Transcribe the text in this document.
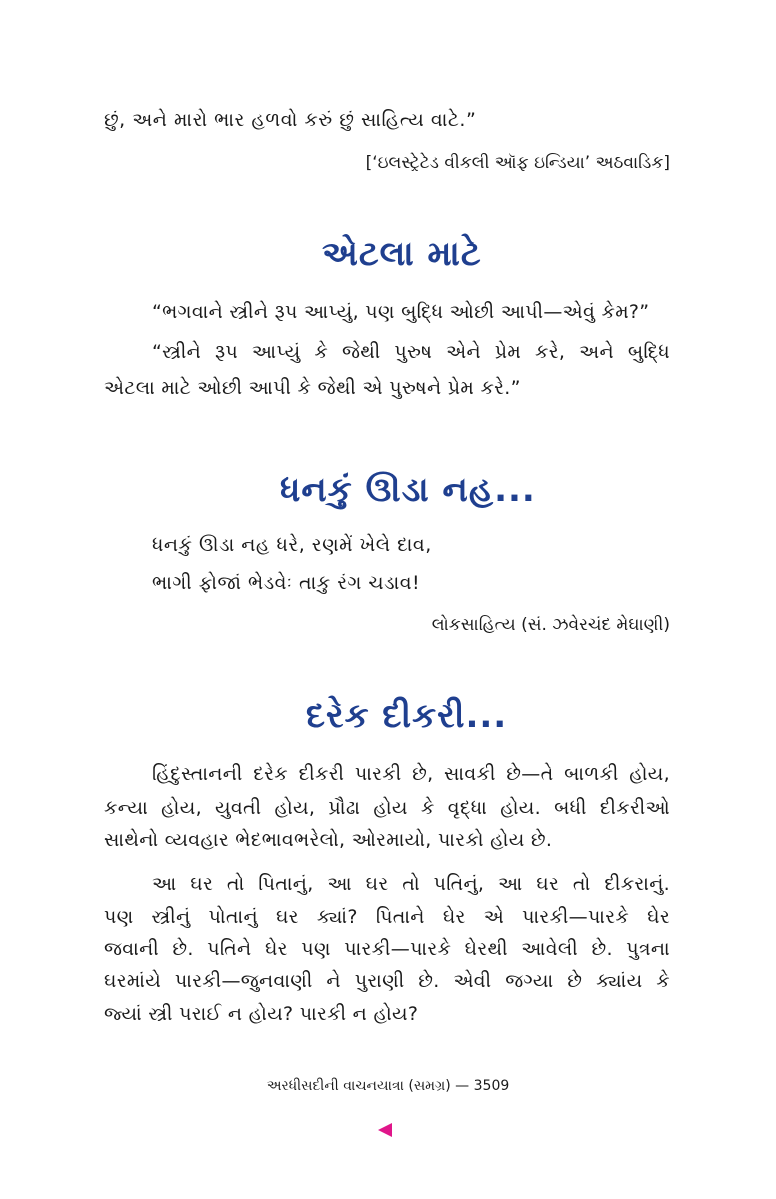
છું, અને મારો ભાર હળવો કરું છું સાહિત્ય વાટે.”
[‘ઇલસ્ટ્રેટેડ વીકલી ઑફ ઇન્ડિયા’ અઠવાડિક]
એટલા માટે
“ભગવાને સ્ત્રીને રૂપ આપ્યું, પણ બુદ્ધિ ઓછી આપી—એવું કેમ?”
“સ્ત્રીને રૂપ આપ્યું કે જેથી પુરુષ એને પ્રેમ કરે, અને બુદ્ધિ
એટલા માટે ઓછી આપી કે જેથી એ પુરુષને પ્રેમ કરે.”
ધનકું ઊડા નહ...
ધનકું ઊડા નહ ધરે, રણમેં ખેલે દાવ,
ભાગી ફોજાં ભેડવેઃ તાકુ રંગ ચડાવ!
લોકસાહિત્ય (સં. ઝવેરચંદ મેઘાણી)
દરેક દીકરી...
હિંદુસ્તાનની દરેક દીકરી પારકી છે, સાવકી છે—તે બાળકી હોય,
કન્યા હોય, યુવતી હોય, પ્રૌઢા હોય કે વૃદ્ધા હોય. બધી દીકરીઓ
સાથેનો વ્યવહાર ભેદભાવભરેલો, ઓરમાયો, પારકો હોય છે.
આ ઘર તો પિતાનું, આ ઘર તો પતિનું, આ ઘર તો દીકરાનું.
પણ સ્ત્રીનું પોતાનું ઘર ક્યાં? પિતાને ઘેર એ પારકી—પારકે ઘેર
જવાની છે. પતિને ઘેર પણ પારકી—પારકે ઘેરથી આવેલી છે. પુત્રના
ઘરમાંયે પારકી—જુનવાણી ને પુરાણી છે. એવી જગ્યા છે ક્યાંય કે
જ્યાં સ્ત્રી પરાઈ ન હોય? પારકી ન હોય?
અરધીસદીની વાચનયાત્રા (સમગ્ર) — 3509
